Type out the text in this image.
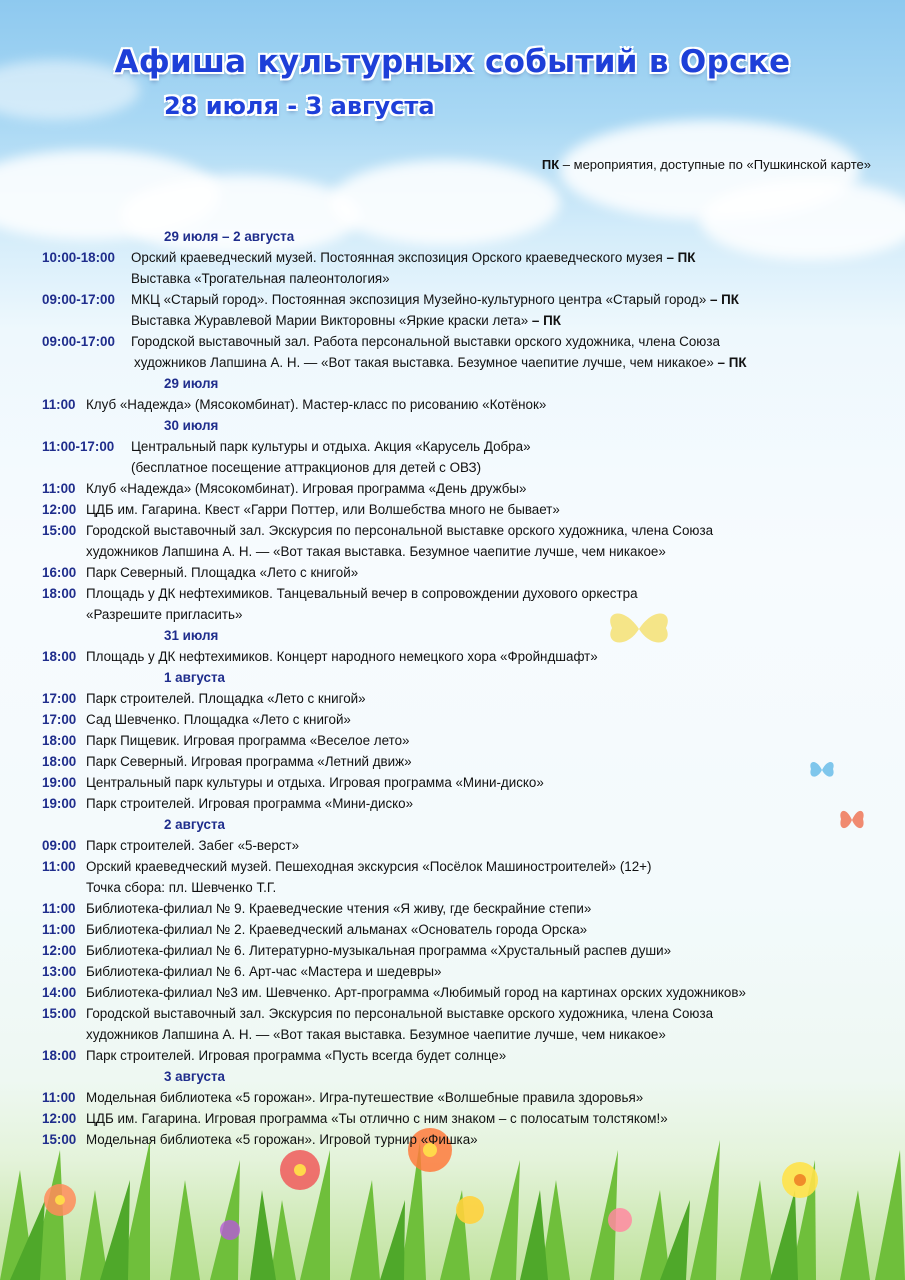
Афиша культурных событий в Орске
28 июля - 3 августа
ПК – мероприятия, доступные по «Пушкинской карте»
29 июля – 2 августа
10:00-18:00 Орский краеведческий музей. Постоянная экспозиция Орского краеведческого музея – ПК
Выставка «Трогательная палеонтология»
09:00-17:00 МКЦ «Старый город». Постоянная экспозиция Музейно-культурного центра «Старый город» – ПК
Выставка Журавлевой Марии Викторовны «Яркие краски лета» – ПК
09:00-17:00 Городской выставочный зал. Работа персональной выставки орского художника, члена Союза
художников Лапшина А. Н. — «Вот такая выставка. Безумное чаепитие лучше, чем никакое» – ПК
29 июля
11:00 Клуб «Надежда» (Мясокомбинат). Мастер-класс по рисованию «Котёнок»
30 июля
11:00-17:00 Центральный парк культуры и отдыха. Акция «Карусель Добра»
(бесплатное посещение аттракционов для детей с ОВЗ)
11:00 Клуб «Надежда» (Мясокомбинат). Игровая программа «День дружбы»
12:00 ЦДБ им. Гагарина. Квест «Гарри Поттер, или Волшебства много не бывает»
15:00 Городской выставочный зал. Экскурсия по персональной выставке орского художника, члена Союза
художников Лапшина А. Н. — «Вот такая выставка. Безумное чаепитие лучше, чем никакое»
16:00 Парк Северный. Площадка «Лето с книгой»
18:00 Площадь у ДК нефтехимиков. Танцевальный вечер в сопровождении духового оркестра
«Разрешите пригласить»
31 июля
18:00 Площадь у ДК нефтехимиков. Концерт народного немецкого хора «Фройндшафт»
1 августа
17:00 Парк строителей. Площадка «Лето с книгой»
17:00 Сад Шевченко. Площадка «Лето с книгой»
18:00 Парк Пищевик. Игровая программа «Веселое лето»
18:00 Парк Северный. Игровая программа «Летний движ»
19:00 Центральный парк культуры и отдыха. Игровая программа «Мини-диско»
19:00 Парк строителей. Игровая программа «Мини-диско»
2 августа
09:00 Парк строителей. Забег «5-верст»
11:00 Орский краеведческий музей. Пешеходная экскурсия «Посёлок Машиностроителей» (12+)
Точка сбора: пл. Шевченко Т.Г.
11:00 Библиотека-филиал № 9. Краеведческие чтения «Я живу, где бескрайние степи»
11:00 Библиотека-филиал № 2. Краеведческий альманах «Основатель города Орска»
12:00 Библиотека-филиал № 6. Литературно-музыкальная программа «Хрустальный распев души»
13:00 Библиотека-филиал № 6. Арт-час «Мастера и шедевры»
14:00 Библиотека-филиал №3 им. Шевченко. Арт-программа «Любимый город на картинах орских художников»
15:00 Городской выставочный зал. Экскурсия по персональной выставке орского художника, члена Союза
художников Лапшина А. Н. — «Вот такая выставка. Безумное чаепитие лучше, чем никакое»
18:00 Парк строителей. Игровая программа «Пусть всегда будет солнце»
3 августа
11:00 Модельная библиотека «5 горожан». Игра-путешествие «Волшебные правила здоровья»
12:00 ЦДБ им. Гагарина. Игровая программа «Ты отлично с ним знаком – с полосатым толстяком!»
15:00 Модельная библиотека «5 горожан». Игровой турнир «Фишка»
